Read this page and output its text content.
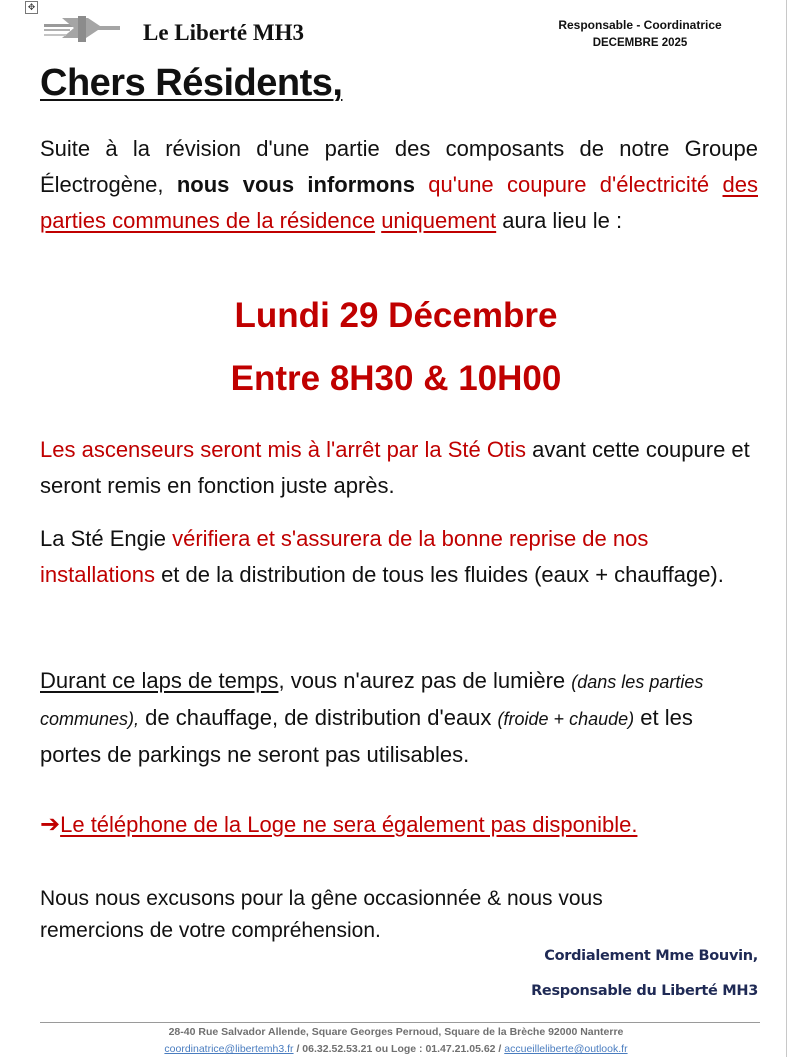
✥
Le Liberté MH3	Responsable - Coordinatrice
DECEMBRE 2025
Chers Résidents,
Suite à la révision d'une partie des composants de notre Groupe Électrogène, nous vous informons qu'une coupure d'électricité des parties communes de la résidence uniquement aura lieu le :
Lundi 29 Décembre
Entre 8H30 & 10H00
Les ascenseurs seront mis à l'arrêt par la Sté Otis avant cette coupure et seront remis en fonction juste après.
La Sté Engie vérifiera et s'assurera de la bonne reprise de nos installations et de la distribution de tous les fluides (eaux + chauffage).
Durant ce laps de temps, vous n'aurez pas de lumière (dans les parties communes), de chauffage, de distribution d'eaux (froide + chaude) et les portes de parkings ne seront pas utilisables.
➔Le téléphone de la Loge ne sera également pas disponible.
Nous nous excusons pour la gêne occasionnée & nous vous remercions de votre compréhension.
Cordialement Mme Bouvin,
Responsable du Liberté MH3
28-40 Rue Salvador Allende, Square Georges Pernoud, Square de la Brèche 92000 Nanterre
coordinatrice@libertemh3.fr / 06.32.52.53.21 ou Loge : 01.47.21.05.62 / accueilleliberte@outlook.fr
